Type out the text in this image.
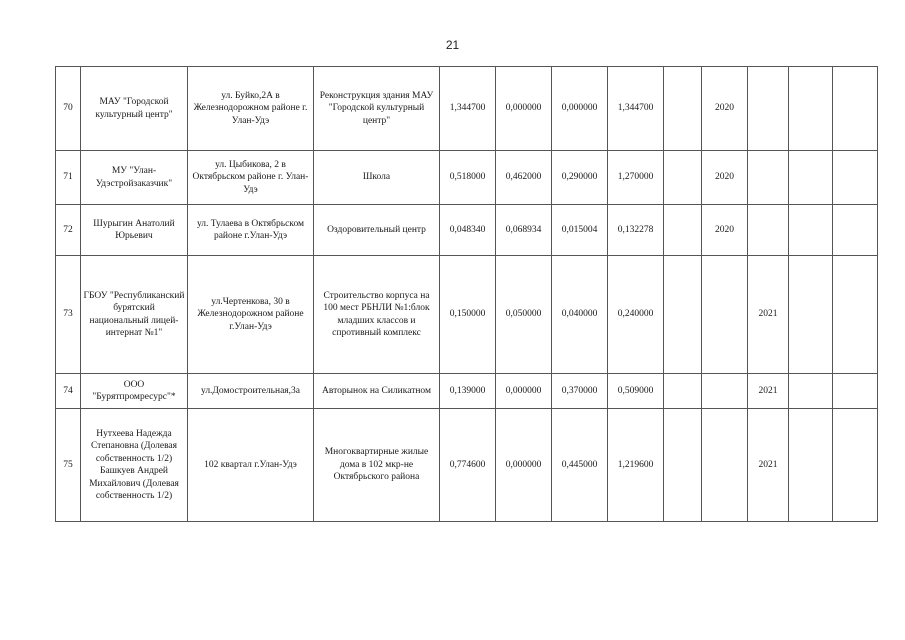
21
70	МАУ "Городской культурный центр"	ул. Буйко,2А в Железнодорожном районе г. Улан-Удэ	Реконструкция здания МАУ "Городской культурный центр"	1,344700	0,000000	0,000000	1,344700		2020			
71	МУ "Улан-Удэстройзаказчик"	ул. Цыбикова, 2 в Октябрьском районе г. Улан-Удэ	Школа	0,518000	0,462000	0,290000	1,270000		2020			
72	Шурыгин Анатолий Юрьевич	ул. Тулаева в Октябрьском районе г.Улан-Удэ	Оздоровительный центр	0,048340	0,068934	0,015004	0,132278		2020			
73	ГБОУ "Республиканский бурятский национальный лицей-интернат №1"	ул.Чертенкова, 30 в Железнодорожном районе г.Улан-Удэ	Строительство корпуса на 100 мест РБНЛИ №1:блок младших классов и спротивный комплекс	0,150000	0,050000	0,040000	0,240000			2021		
74	ООО "Бурятпромресурс"*	ул.Домостроительная,3а	Авторынок на Силикатном	0,139000	0,000000	0,370000	0,509000			2021		
75	Нутхеева Надежда Степановна (Долевая собственность 1/2) Башкуев Андрей Михайлович (Долевая собственность 1/2)	102 квартал г.Улан-Удэ	Многоквартирные жилые дома в 102 мкр-не Октябрьского района	0,774600	0,000000	0,445000	1,219600			2021		
